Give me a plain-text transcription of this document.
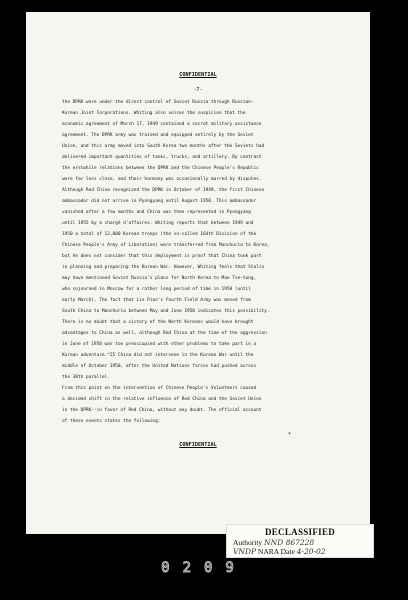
CONFIDENTIAL
-7-
the DPRK were under the direct control of Soviet Russia through Russian-
Korean Joint Corporations. Whiting also voices the suspicion that the
economic agreement of March 17, 1949 contained a secret military assistance
agreement. The DPRK army was trained and equipped entirely by the Soviet
Union, and this army moved into South Korea two months after the Soviets had
delivered important quantities of tanks, trucks, and artillery. By contrast
the erstwhile relations between the DPRK and the Chinese People's Republic
were far less close, and their harmony was occasionally marred by disputes.
Although Red China recognized the DPRK in October of 1949, the first Chinese
ambassador did not arrive in Pyongyang until August 1950. This ambassador
vanished after a few months and China was then represented in Pyongyang
until 1955 by a chargé d'affaires. Whiting reports that between 1949 and
1950 a total of 12,000 Korean troops (the so-called 164th Division of the
Chinese People's Army of Liberation) were transferred from Manchuria to Korea,
but he does not consider that this deployment is proof that China took part
in planning and preparing the Korean War. However, Whiting feels that Stalin
may have mentioned Soviet Russia's plans for North Korea to Mao Tse-tung,
who sojourned in Moscow for a rather long period of time in 1950 (until
early March). The fact that Lin Piao's Fourth Field Army was moved from
South China to Manchuria between May and June 1950 indicates this possibility.
There is no doubt that a victory of the North Koreans would have brought
advantages to China as well, although Red China at the time of the aggression
in June of 1950 was too preoccupied with other problems to take part in a
Korean adventure.^25 China did not intervene in the Korean War until the
middle of October 1950, after the United Nations forces had pushed across
the 38th parallel.
From this point on the intervention of Chinese People's Volunteers caused
a decided shift in the relative influence of Red China and the Soviet Union
in the DPRK--in favor of Red China, without any doubt. The official account
of these events states the following:
CONFIDENTIAL
*
DECLASSIFIED
Authority NND 867228
VNDP NARA Date 4-20-02
0209
